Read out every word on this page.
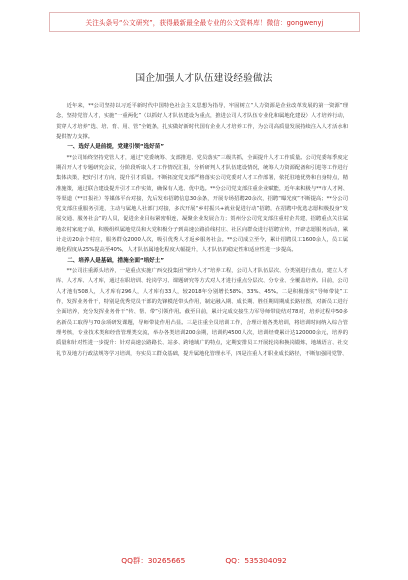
关注头条号“公文研究”，获得最新最全最专业的公文资料库！微信：gongwenyj
国企加强人才队伍建设经验做法

近年来，**公司坚持以习近平新时代中国特色社会主义思想为指导，牢固树立“人力资源是企业改革发展的第一资源”理念，坚持党管人才，实施“一重两化”（以抓好人才队伍建设为重点，推进公司人才队伍专业化和属地化建设）人才培养行动，贯穿人才培养“选、培、育、用、管”全链条，扎实做好新时代国有企业人才培养工作，为公司高质量发展持续注入人才活水和提供智力支撑。

一、选好人是前提，党建引领“选好苗”

**公司始终坚持党管人才，通过“党委统筹、支部推进、党员落实”三级共抓，全面提升人才工作质量。公司党委每季度定期召开人才专题研究会议，分阶段听取人才工作情况汇报，分析研判人才队伍建设情况，统筹人力资源配备和引进等工作进行集体决策，把好引才方向，提升引才质量。不断拓宽党支部严格落实公司党委对人才工作部署，依托驻地优势和自身特点，精准施策，通过联合建设提升引才工作实效，确保有人选、优中选。**分公司党支部注重企业赋能，近年来积极与**市人才网、等渠道（**日报社）等媒体平台对接，先后发布招聘信息30余条，开展专场招聘20余次，招聘“曝光度”不断提高；**分公司党支部注重服务引进，主动与属地人社部门对接，多次开展“乡村振兴+就业促进行动”招聘，在招聘中优选志愿积极投身“发展交通、服务社会”的人员，促进企业目标紧密相连，凝聚企业发展合力；贺州分公司党支部注重村企共建，招聘重点关注属地农村家庭子弟，积极组织属地党员和大党积极分子到高速公路沿线村庄、社区向群众进行招聘宣传，开辟志愿服务活动，累计走访20余个村庄，服务群众2000人次，吸引优秀人才返乡服务社会。**公司成立至今，累计招聘员工1600余人，员工属地化程度从25%提高至40%，人才队伍属地化程度大幅提升，人才队伍的稳定性和适应性进一步提高。

二、培养人是基础，措施全面“培好土”

**公司注重源头培养，一是重点实施广西交投集团“壁玲人才”培养工程，公司人才队伍层次、分类别进行盘点，建立人才库、人才库、人才库，通过在职培训、轮岗学习、课题研究等方式对人才进行重点分层次、分专业、全覆盖培养。目前，公司人才池有508人，人才库有296人，人才库有33人，较2018年分别增长58%、33%、45%。二是积极落实“导师带徒”工作，发挥业务骨干，特别是优秀党员干部的先锋模范带头作用，制定融入期、成长期、胜任期周期成长路径图，对新员工进行全面培养，充分发挥业务骨干“传、帮、带”引领作用。截至目前，累计完成交接生力军导师带徒结对78对，培养过程中50多名新员工取得与70余项研发课题，导师带徒作用凸显。三是注重全员培训工作，合理计划各类培训，将培训时间纳入综合管理考核，专业技术类和经营管理类交流，举办各类培训200余期，培训约4500人次，培训经费累计达120000余元，培养的质量和针对性进一步提升：针对高速公路路长、站多、跨地域广的特点，定期安排员工开展轮岗和换岗锻炼，地域语言、社交礼节及地方行政法规等学习培训，夯实员工群众基础，提升属地化管理水平，四是注重人才职业成长路径，不断加强同党警、

QQ群：30265665	QQ：535304092
